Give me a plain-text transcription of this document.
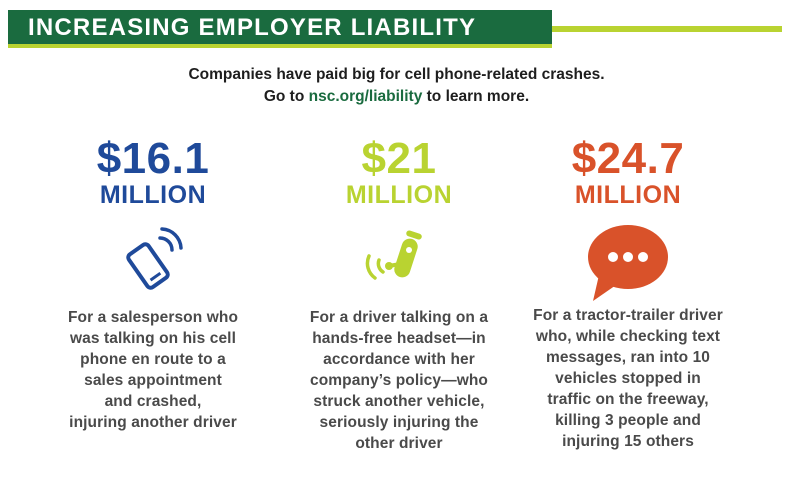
INCREASING EMPLOYER LIABILITY
Companies have paid big for cell phone-related crashes.
Go to nsc.org/liability to learn more.
$16.1
MILLION
For a salesperson who
was talking on his cell
phone en route to a
sales appointment
and crashed,
injuring another driver
$21
MILLION
For a driver talking on a
hands-free headset—in
accordance with her
company’s policy—who
struck another vehicle,
seriously injuring the
other driver
$24.7
MILLION
For a tractor-trailer driver
who, while checking text
messages, ran into 10
vehicles stopped in
traffic on the freeway,
killing 3 people and
injuring 15 others
